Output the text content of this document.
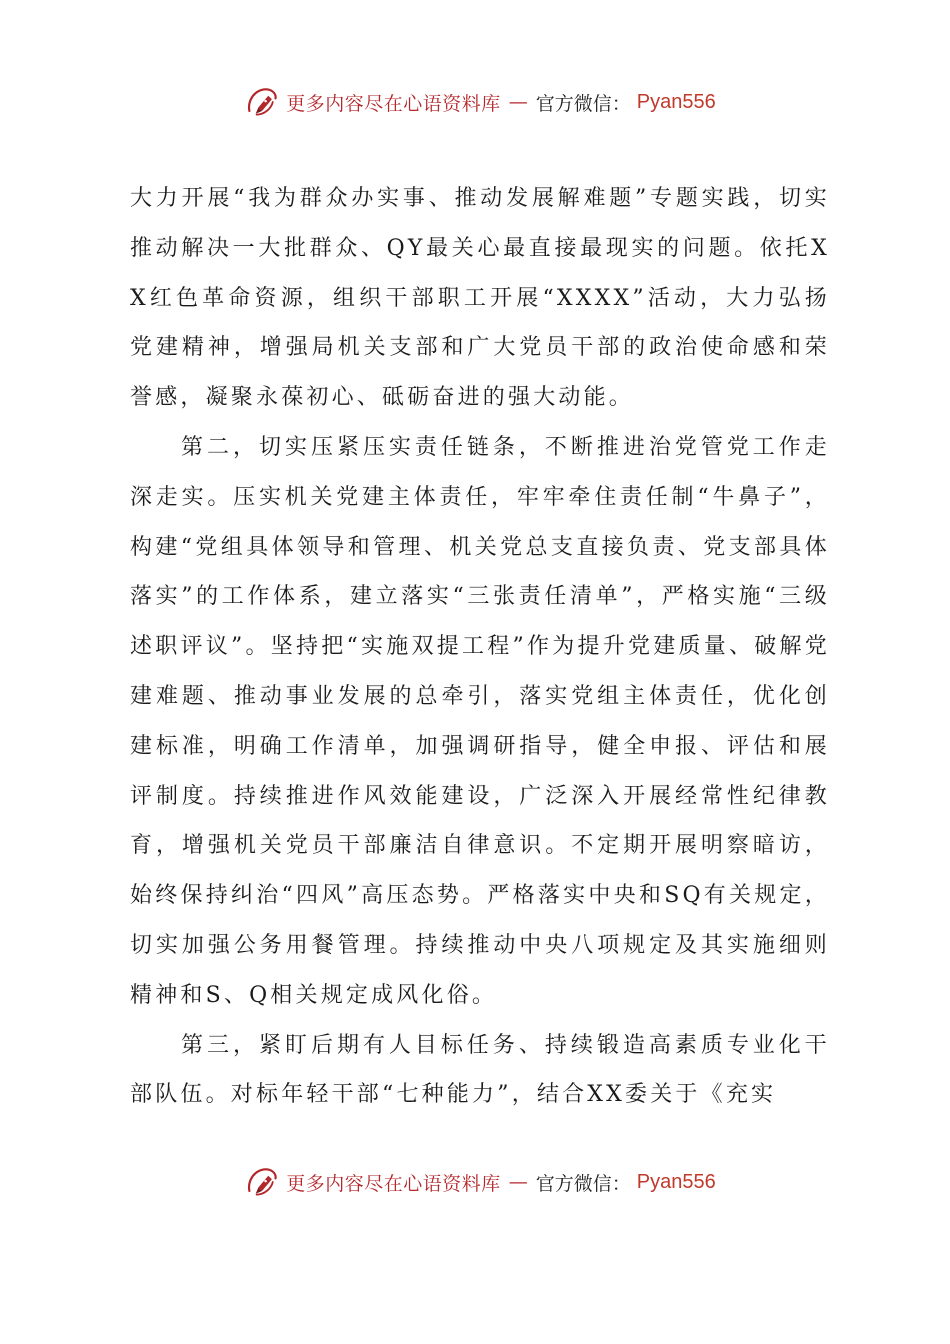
更多内容尽在心语资料库 — 官方微信： Pyan556

大力开展“我为群众办实事、推动发展解难题”专题实践，切实推动解决一大批群众、QY最关心最直接最现实的问题。依托XX红色革命资源，组织干部职工开展“XXXX”活动，大力弘扬党建精神，增强局机关支部和广大党员干部的政治使命感和荣誉感，凝聚永葆初心、砥砺奋进的强大动能。

第二，切实压紧压实责任链条，不断推进治党管党工作走深走实。压实机关党建主体责任，牢牢牵住责任制“牛鼻子”，构建“党组具体领导和管理、机关党总支直接负责、党支部具体落实”的工作体系，建立落实“三张责任清单”，严格实施“三级述职评议”。坚持把“实施双提工程”作为提升党建质量、破解党建难题、推动事业发展的总牵引，落实党组主体责任，优化创建标准，明确工作清单，加强调研指导，健全申报、评估和展评制度。持续推进作风效能建设，广泛深入开展经常性纪律教育，增强机关党员干部廉洁自律意识。不定期开展明察暗访，始终保持纠治“四风”高压态势。严格落实中央和SQ有关规定，切实加强公务用餐管理。持续推动中央八项规定及其实施细则精神和S、Q相关规定成风化俗。

第三，紧盯后期有人目标任务、持续锻造高素质专业化干部队伍。对标年轻干部“七种能力”，结合XX委关于《充实

更多内容尽在心语资料库 — 官方微信： Pyan556
